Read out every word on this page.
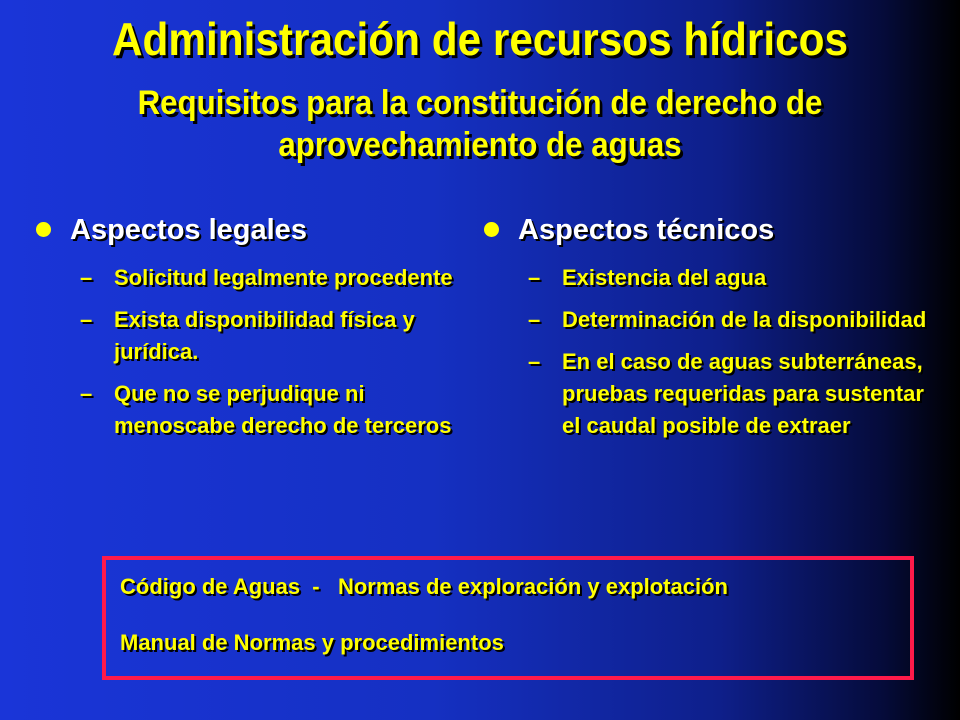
Administración de recursos hídricos
Requisitos para la constitución de derecho de aprovechamiento de aguas
Aspectos legales
– Solicitud legalmente procedente
– Exista disponibilidad física y jurídica.
– Que no se perjudique ni menoscabe derecho de terceros
Aspectos técnicos
– Existencia del agua
– Determinación de la disponibilidad
– En el caso de aguas subterráneas, pruebas requeridas para sustentar el caudal posible de extraer
Código de Aguas  -   Normas de exploración y explotación
Manual de Normas y procedimientos
